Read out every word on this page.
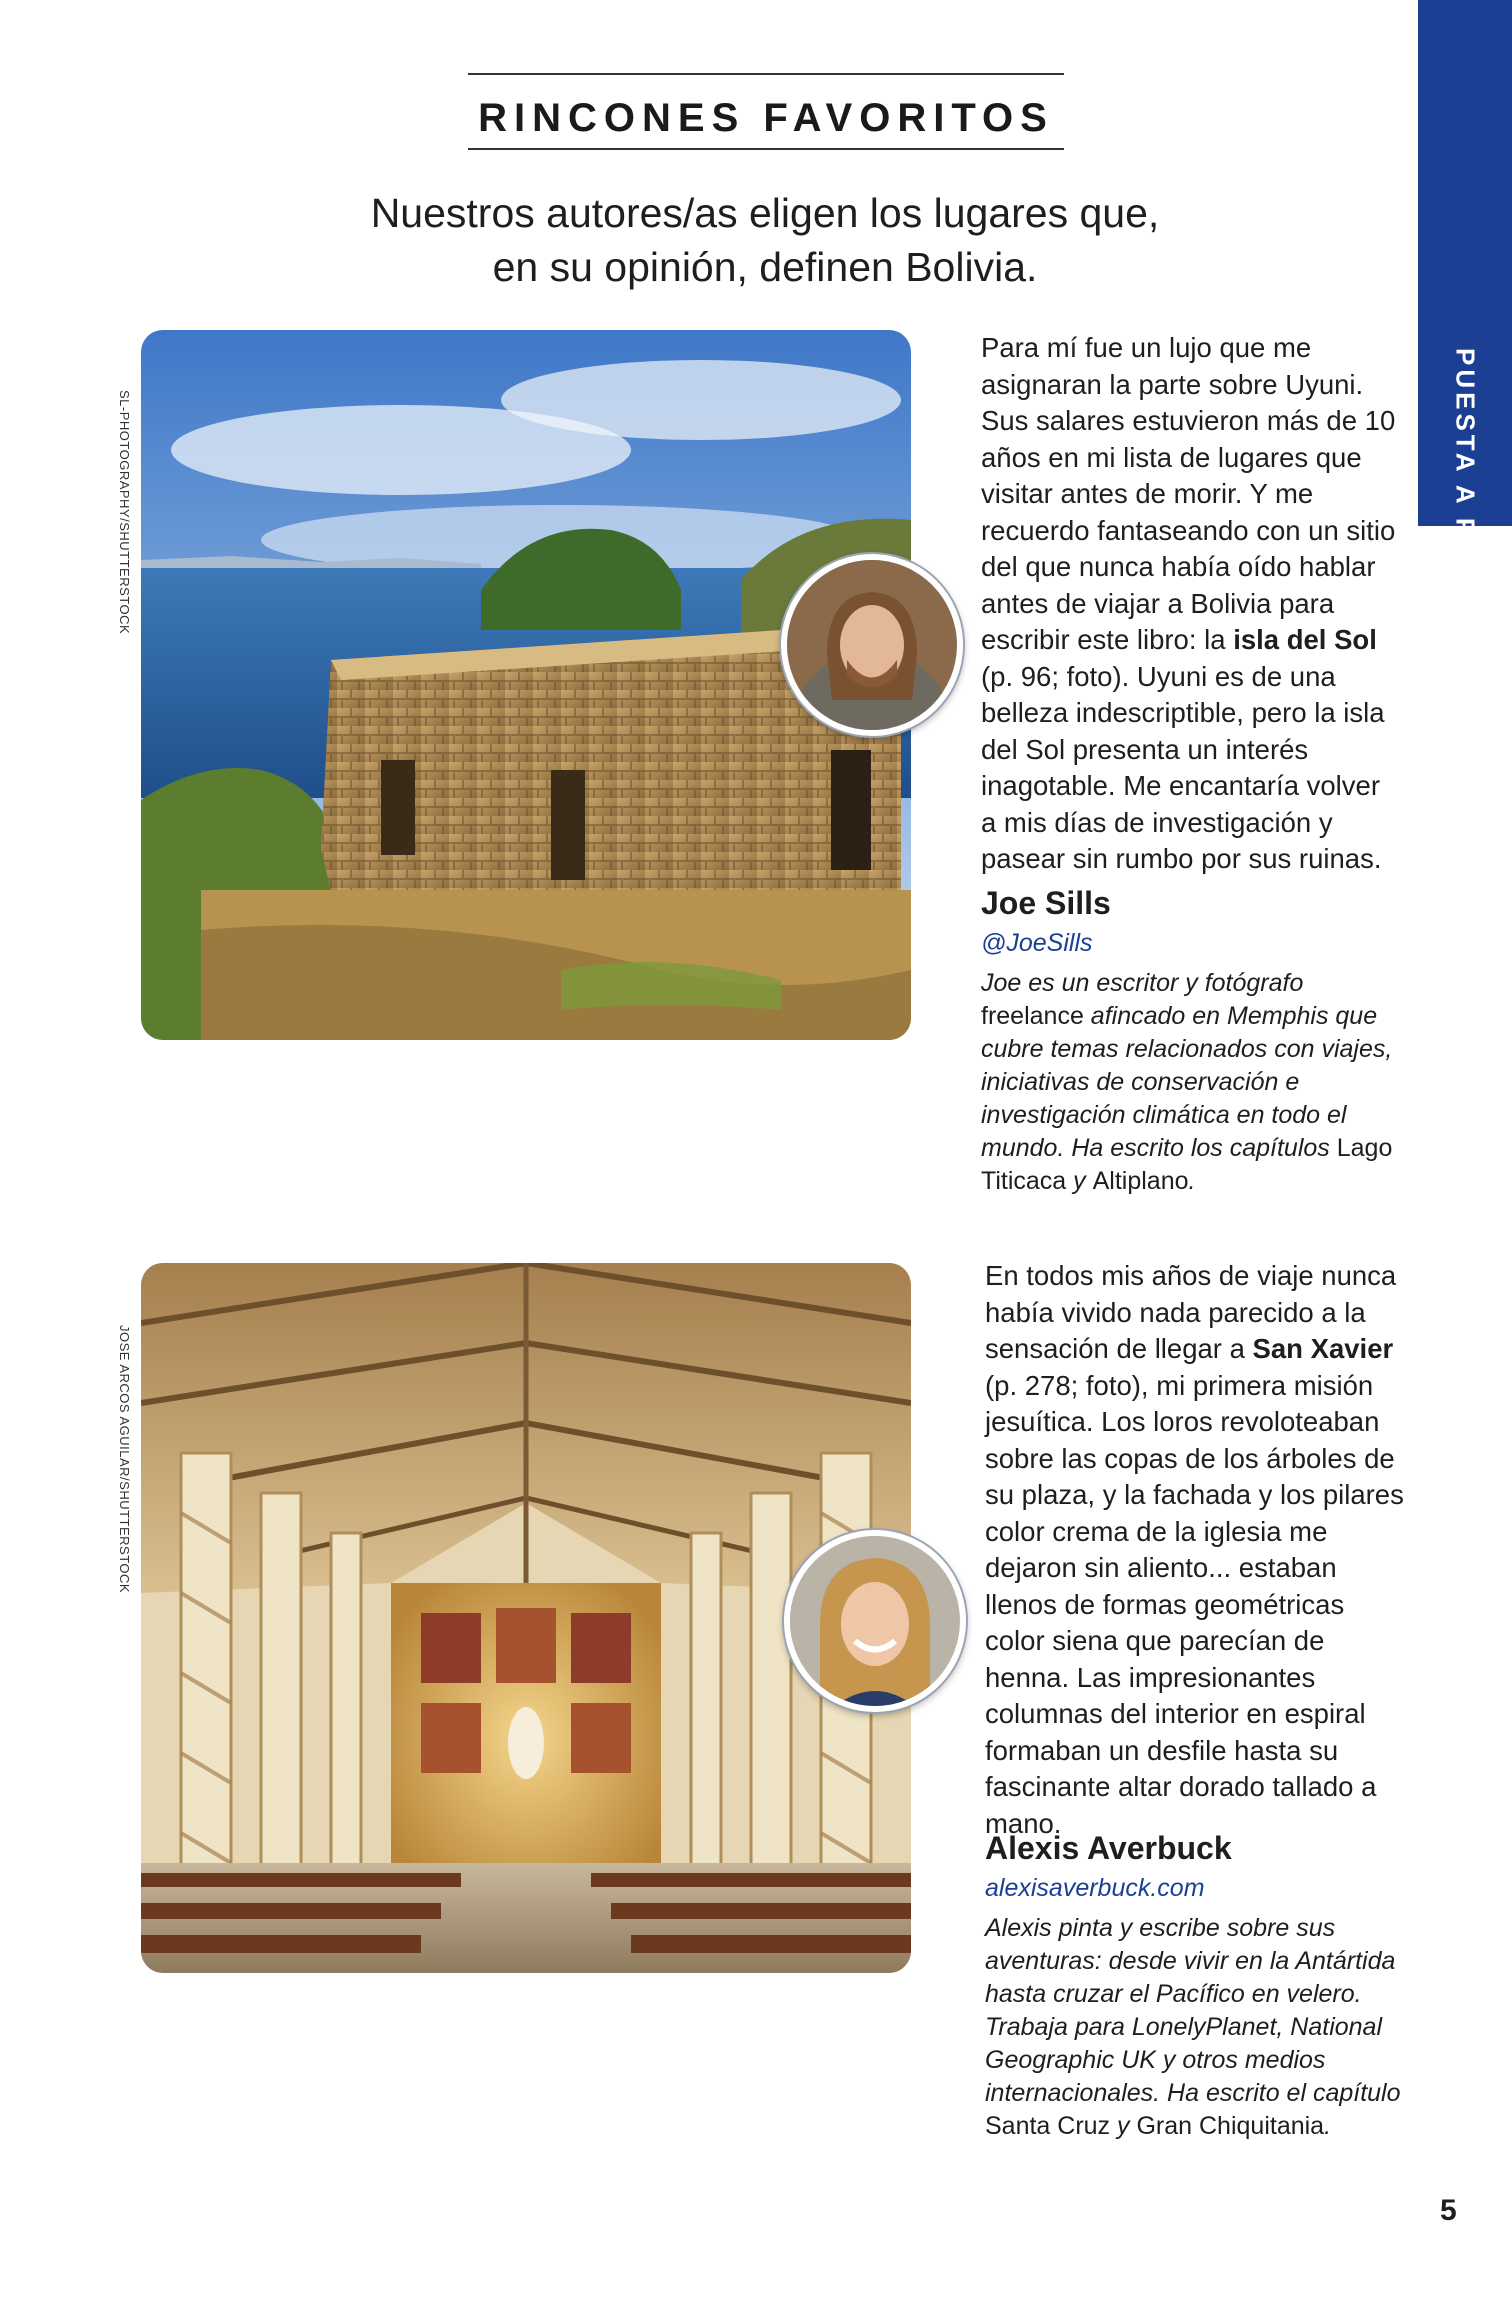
PUESTA A PUNTO
RINCONES FAVORITOS
Nuestros autores/as eligen los lugares que,
en su opinión, definen Bolivia.
SL-PHOTOGRAPHY/SHUTTERSTOCK
Para mí fue un lujo que me asignaran la parte sobre Uyuni. Sus salares estuvieron más de 10 años en mi lista de lugares que visitar antes de morir. Y me recuerdo fantaseando con un sitio del que nunca había oído hablar antes de viajar a Bolivia para escribir este libro: la isla del Sol (p. 96; foto). Uyuni es de una belleza indescriptible, pero la isla del Sol presenta un interés inagotable. Me encantaría volver a mis días de investigación y pasear sin rumbo por sus ruinas.
Joe Sills
@JoeSills
Joe es un escritor y fotógrafo freelance afincado en Memphis que cubre temas relacionados con viajes, iniciativas de conservación e investigación climática en todo el mundo. Ha escrito los capítulos Lago Titicaca y Altiplano.
JOSE ARCOS AGUILAR/SHUTTERSTOCK
En todos mis años de viaje nunca había vivido nada parecido a la sensación de llegar a San Xavier (p. 278; foto), mi primera misión jesuítica. Los loros revoloteaban sobre las copas de los árboles de su plaza, y la fachada y los pilares color crema de la iglesia me dejaron sin aliento... estaban llenos de formas geométricas color siena que parecían de henna. Las impresionantes columnas del interior en espiral formaban un desfile hasta su fascinante altar dorado tallado a mano.
Alexis Averbuck
alexisaverbuck.com
Alexis pinta y escribe sobre sus aventuras: desde vivir en la Antártida hasta cruzar el Pacífico en velero. Trabaja para LonelyPlanet, National Geographic UK y otros medios internacionales. Ha escrito el capítulo Santa Cruz y Gran Chiquitania.
5
